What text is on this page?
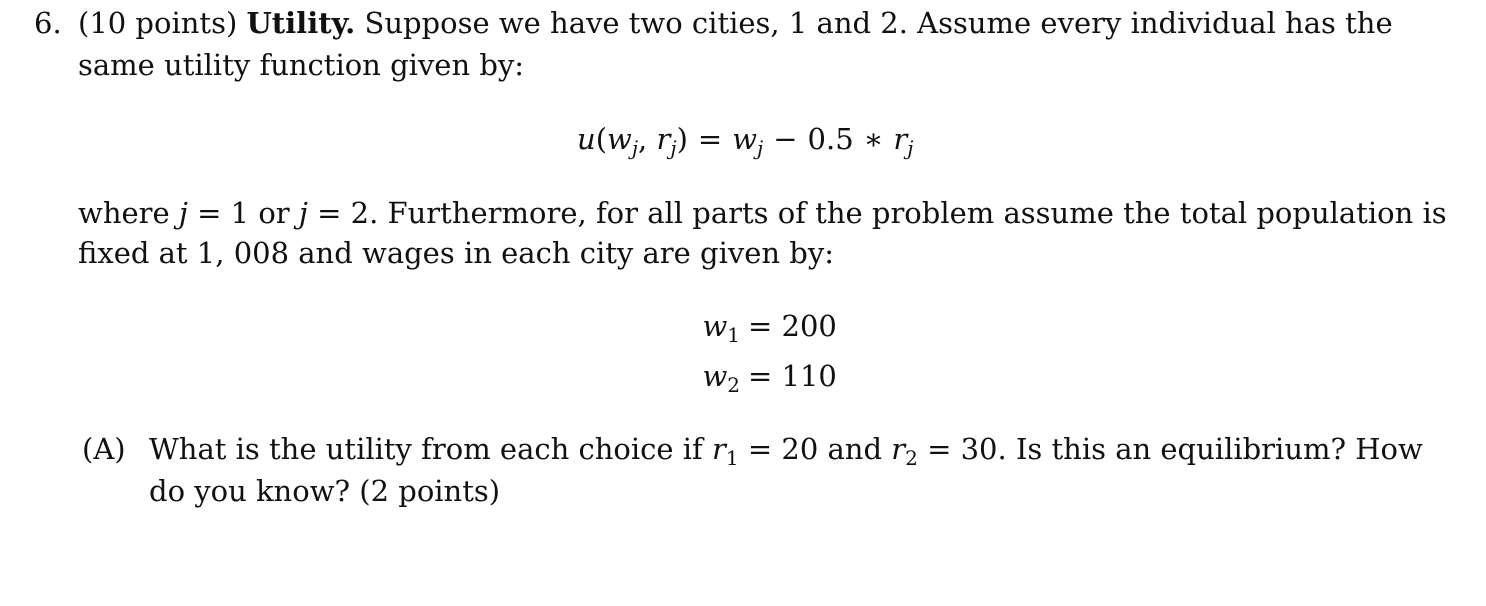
6. (10 points) Utility. Suppose we have two cities, 1 and 2. Assume every individual has the
same utility function given by:
$u(w_j$, $r_j) = w_j - 0.5$ ∗ $r_j$
where j = 1 or j = 2. Furthermore, for all parts of the problem assume the total population is
fixed at 1, 008 and wages in each city are given by:
$w_1 = 200$
$w_2 = 110$
(A) What is the utility from each choice if $r_1 = 20$ and $r_2 = 30$. Is this an equilibrium? How
do you know? (2 points)
